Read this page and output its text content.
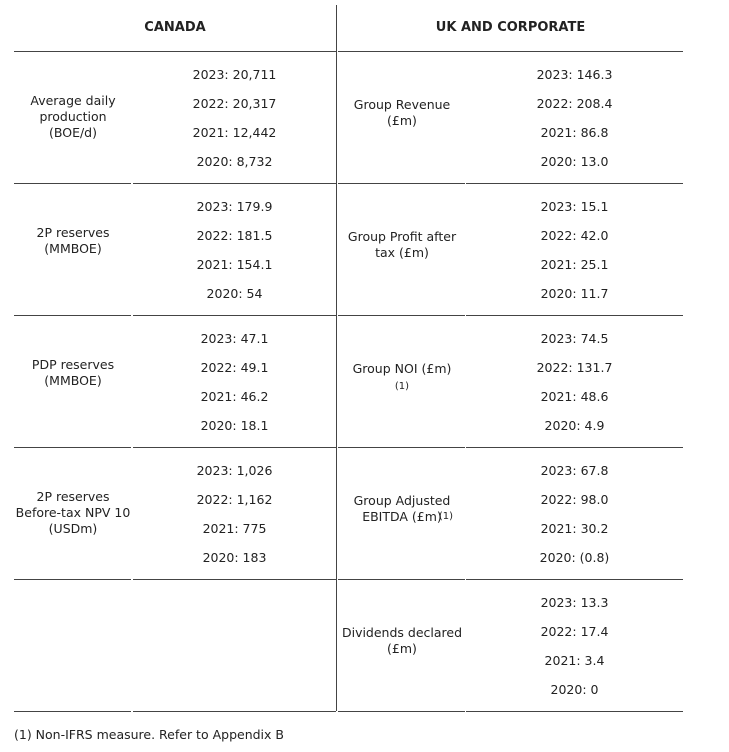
CANADA	UK AND CORPORATE
Average daily production (BOE/d)
2023: 20,711
2022: 20,317
2021: 12,442
2020: 8,732
Group Revenue (£m)
2023: 146.3
2022: 208.4
2021: 86.8
2020: 13.0
2P reserves (MMBOE)
2023: 179.9
2022: 181.5
2021: 154.1
2020: 54
Group Profit after tax (£m)
2023: 15.1
2022: 42.0
2021: 25.1
2020: 11.7
PDP reserves (MMBOE)
2023: 47.1
2022: 49.1
2021: 46.2
2020: 18.1
Group NOI (£m)
(1)
2023: 74.5
2022: 131.7
2021: 48.6
2020: 4.9
2P reserves Before-tax NPV 10 (USDm)
2023: 1,026
2022: 1,162
2021: 775
2020: 183
Group Adjusted EBITDA (£m)
(1)
2023: 67.8
2022: 98.0
2021: 30.2
2020: (0.8)
Dividends declared (£m)
2023: 13.3
2022: 17.4
2021: 3.4
2020: 0
(1) Non-IFRS measure. Refer to Appendix B
